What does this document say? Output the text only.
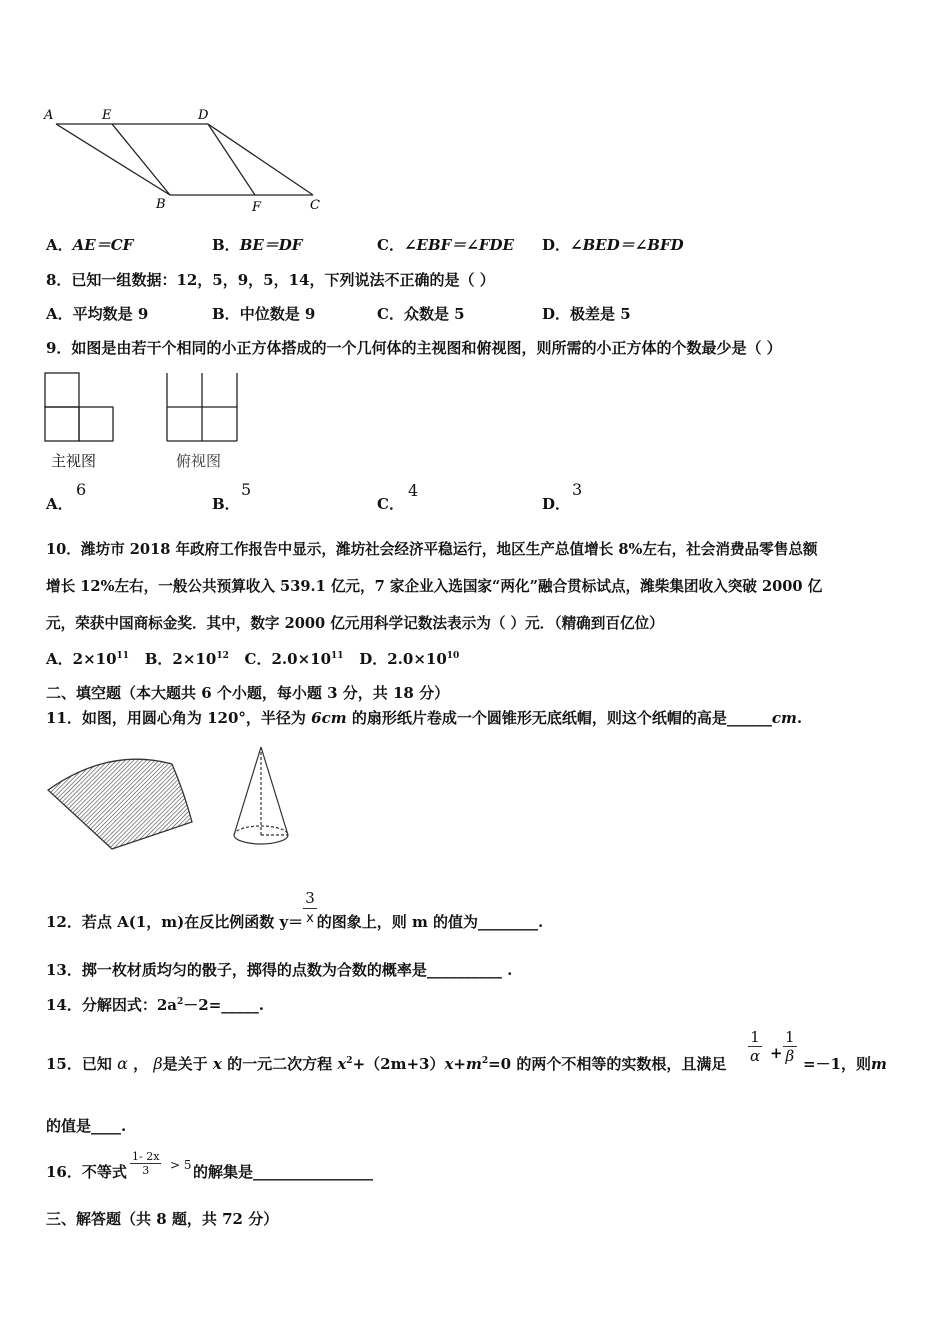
A	E	D
B	F	C
A．AE＝CF	B．BE＝DF	C．∠EBF＝∠FDE D．∠BED＝∠BFD
8．已知一组数据：12，5，9，5，14，下列说法不正确的是（ ）
A．平均数是 9	B．中位数是 9	C．众数是 5	D．极差是 5
9．如图是由若干个相同的小正方体搭成的一个几何体的主视图和俯视图，则所需的小正方体的个数最少是（ ）
主视图	俯视图
A．
6
B．
5
C．
4
D．
3
10．潍坊市 2018 年政府工作报告中显示，潍坊社会经济平稳运行，地区生产总值增长 8%左右，社会消费品零售总额
增长 12%左右，一般公共预算收入 539.1 亿元，7 家企业入选国家“两化”融合贯标试点，潍柴集团收入突破 2000 亿
元，荣获中国商标金奖．其中，数字 2000 亿元用科学记数法表示为（ ）元．（精确到百亿位）
A．$2\times 10^{11}$ B．$2\times 10^{12}$ C．$2.0\times 10^{11}$ D．$2.0\times 10^{10}$
二、填空题（本大题共 6 个小题，每小题 3 分，共 18 分）
11．如图，用圆心角为 120°，半径为 6cm 的扇形纸片卷成一个圆锥形无底纸帽，则这个纸帽的高是______cm.
12．若点 A(1，m)在反比例函数 $y= \frac{3}{x}$ 的图象上，则 m 的值为________.
13．掷一枚材质均匀的骰子，掷得的点数为合数的概率是__________ .
14．分解因式：$2a^2-2=\_\_\_\_\_$.
15．已知 α ， β是关于 x 的一元二次方程 $x^2+(2m+3)x+m^2=0$ 的两个不相等的实数根，且满足 $\frac{1}{\alpha} + \frac{1}{\beta} =-1$，则m
的值是____.
16．不等式 $\frac{1- 2x}{3} > 5$ 的解集是________________
三、解答题（共 8 题，共 72 分）
